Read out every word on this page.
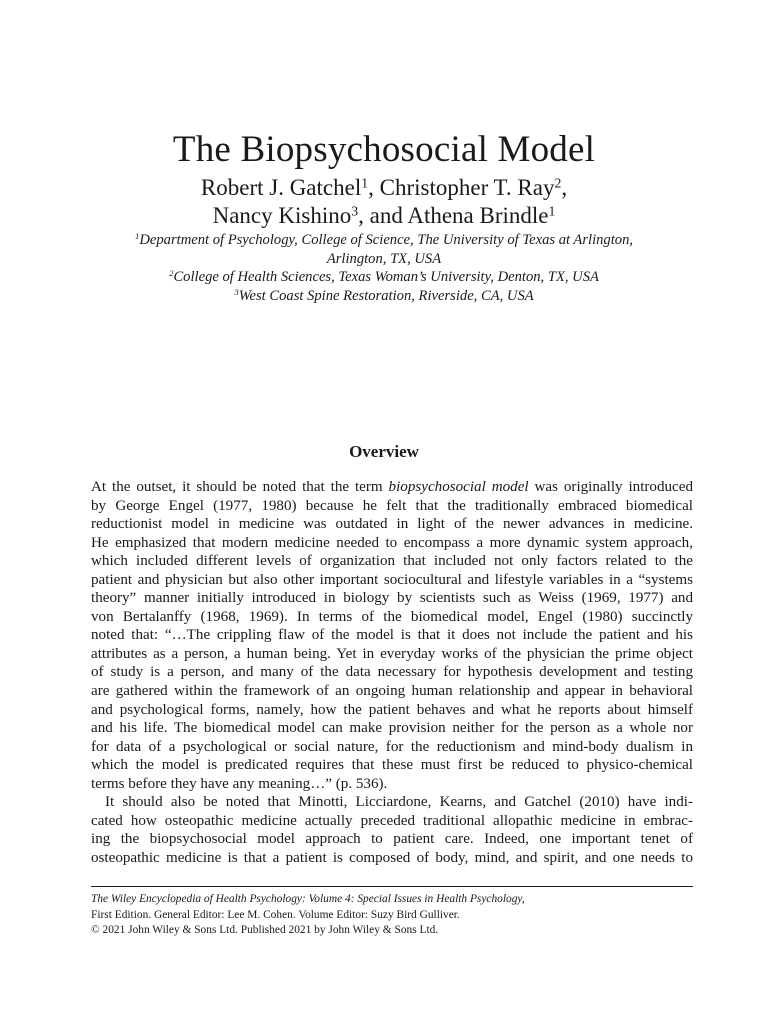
The Biopsychosocial Model
Robert J. Gatchel$^1$, Christopher T. Ray$^2$,
Nancy Kishino$^3$, and Athena Brindle$^1$
$^1$Department of Psychology, College of Science, The University of Texas at Arlington,
Arlington, TX, USA
$^2$College of Health Sciences, Texas Woman’s University, Denton, TX, USA
$^3$West Coast Spine Restoration, Riverside, CA, USA
Overview
At the outset, it should be noted that the term biopsychosocial model was originally introduced
by George Engel (1977, 1980) because he felt that the traditionally embraced biomedical
reductionist model in medicine was outdated in light of the newer advances in medicine.
He emphasized that modern medicine needed to encompass a more dynamic system approach,
which included different levels of organization that included not only factors related to the
patient and physician but also other important sociocultural and lifestyle variables in a “systems
theory” manner initially introduced in biology by scientists such as Weiss (1969, 1977) and
von Bertalanffy (1968, 1969). In terms of the biomedical model, Engel (1980) succinctly
noted that: “…The crippling flaw of the model is that it does not include the patient and his
attributes as a person, a human being. Yet in everyday works of the physician the prime object
of study is a person, and many of the data necessary for hypothesis development and testing
are gathered within the framework of an ongoing human relationship and appear in behavioral
and psychological forms, namely, how the patient behaves and what he reports about himself
and his life. The biomedical model can make provision neither for the person as a whole nor
for data of a psychological or social nature, for the reductionism and mind-body dualism in
which the model is predicated requires that these must first be reduced to physico-chemical
terms before they have any meaning…” (p. 536).
It should also be noted that Minotti, Licciardone, Kearns, and Gatchel (2010) have indi-
cated how osteopathic medicine actually preceded traditional allopathic medicine in embrac-
ing the biopsychosocial model approach to patient care. Indeed, one important tenet of
osteopathic medicine is that a patient is composed of body, mind, and spirit, and one needs to
The Wiley Encyclopedia of Health Psychology: Volume 4: Special Issues in Health Psychology,
First Edition. General Editor: Lee M. Cohen. Volume Editor: Suzy Bird Gulliver.
© 2021 John Wiley & Sons Ltd. Published 2021 by John Wiley & Sons Ltd.
